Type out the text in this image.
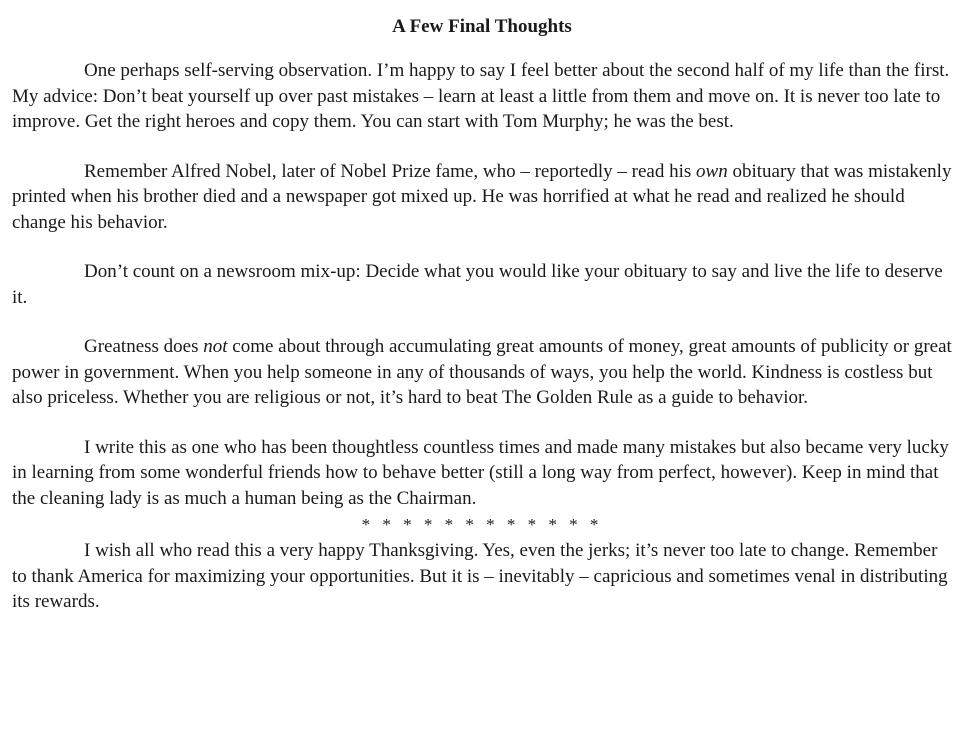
A Few Final Thoughts

One perhaps self-serving observation. I’m happy to say I feel better about the second half of my life than the first. My advice: Don’t beat yourself up over past mistakes – learn at least a little from them and move on. It is never too late to improve. Get the right heroes and copy them. You can start with Tom Murphy; he was the best.

Remember Alfred Nobel, later of Nobel Prize fame, who – reportedly – read his own obituary that was mistakenly printed when his brother died and a newspaper got mixed up. He was horrified at what he read and realized he should change his behavior.

Don’t count on a newsroom mix-up: Decide what you would like your obituary to say and live the life to deserve it.

Greatness does not come about through accumulating great amounts of money, great amounts of publicity or great power in government. When you help someone in any of thousands of ways, you help the world. Kindness is costless but also priceless. Whether you are religious or not, it’s hard to beat The Golden Rule as a guide to behavior.

I write this as one who has been thoughtless countless times and made many mistakes but also became very lucky in learning from some wonderful friends how to behave better (still a long way from perfect, however). Keep in mind that the cleaning lady is as much a human being as the Chairman.

* * * * * * * * * * * *

I wish all who read this a very happy Thanksgiving. Yes, even the jerks; it’s never too late to change. Remember to thank America for maximizing your opportunities. But it is – inevitably – capricious and sometimes venal in distributing its rewards.
